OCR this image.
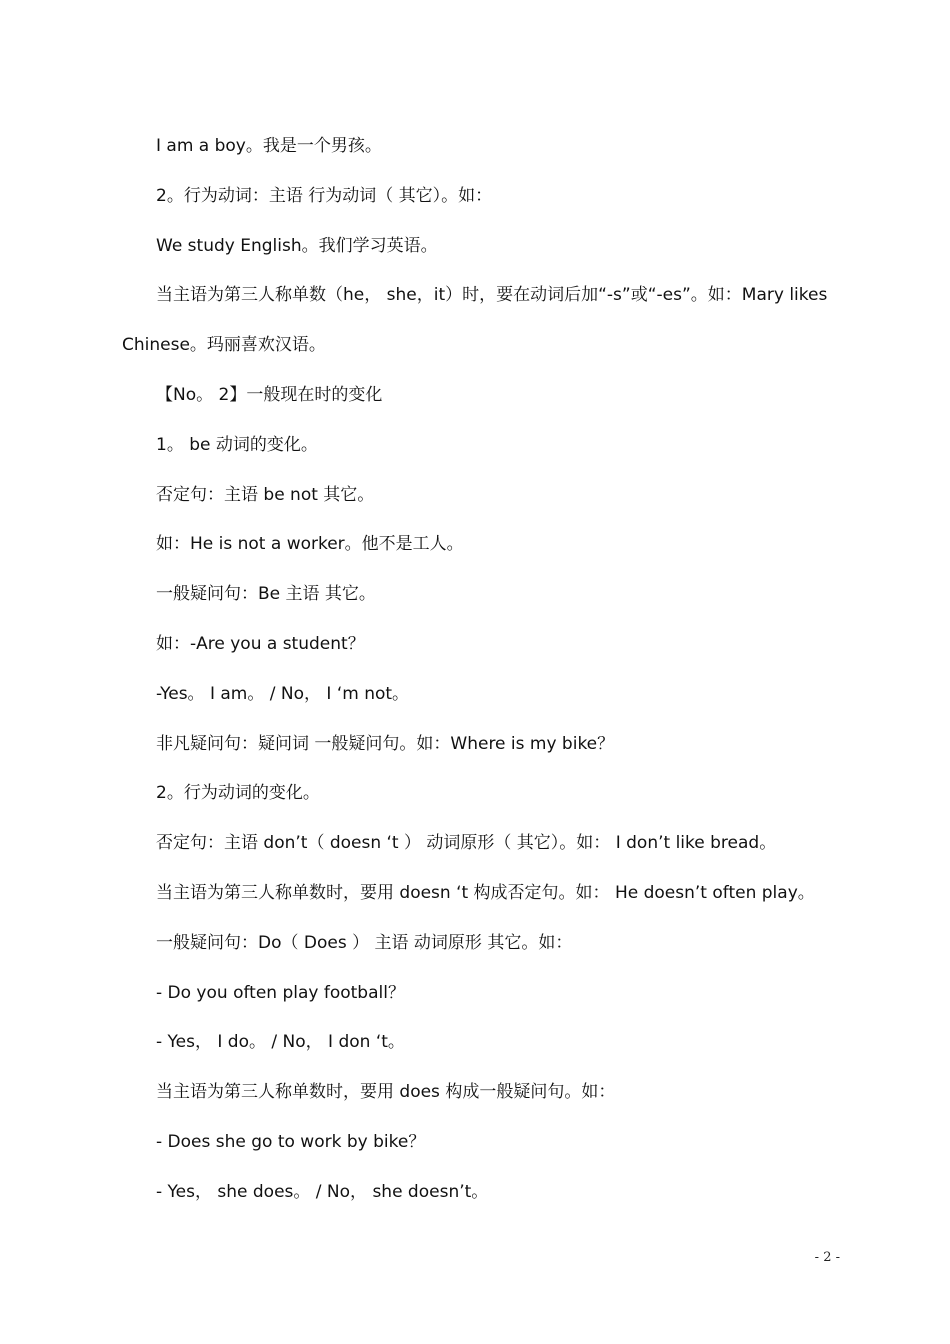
I am a boy。我是一个男孩。

2。行为动词：主语 行为动词（ 其它）。如：

We study English。我们学习英语。

当主语为第三人称单数（he， she，it）时，要在动词后加“-s”或“-es”。如：Mary likes

Chinese。玛丽喜欢汉语。

【No。 2】一般现在时的变化

1。 be 动词的变化。

否定句：主语 be not 其它。

如：He is not a worker。他不是工人。

一般疑问句：Be 主语 其它。

如：-Are you a student？

-Yes。 I am。 / No， I ‘m not。

非凡疑问句：疑问词 一般疑问句。如：Where is my bike？

2。行为动词的变化。

否定句：主语 don’t（ doesn ‘t ） 动词原形（ 其它）。如： I don’t like bread。

当主语为第三人称单数时，要用 doesn ‘t 构成否定句。如： He doesn’t often play。

一般疑问句：Do（ Does ） 主语 动词原形 其它。如：

- Do you often play football？

- Yes， I do。 / No， I don ‘t。

当主语为第三人称单数时，要用 does 构成一般疑问句。如：

- Does she go to work by bike？

- Yes， she does。 / No， she doesn’t。

- 2 -
